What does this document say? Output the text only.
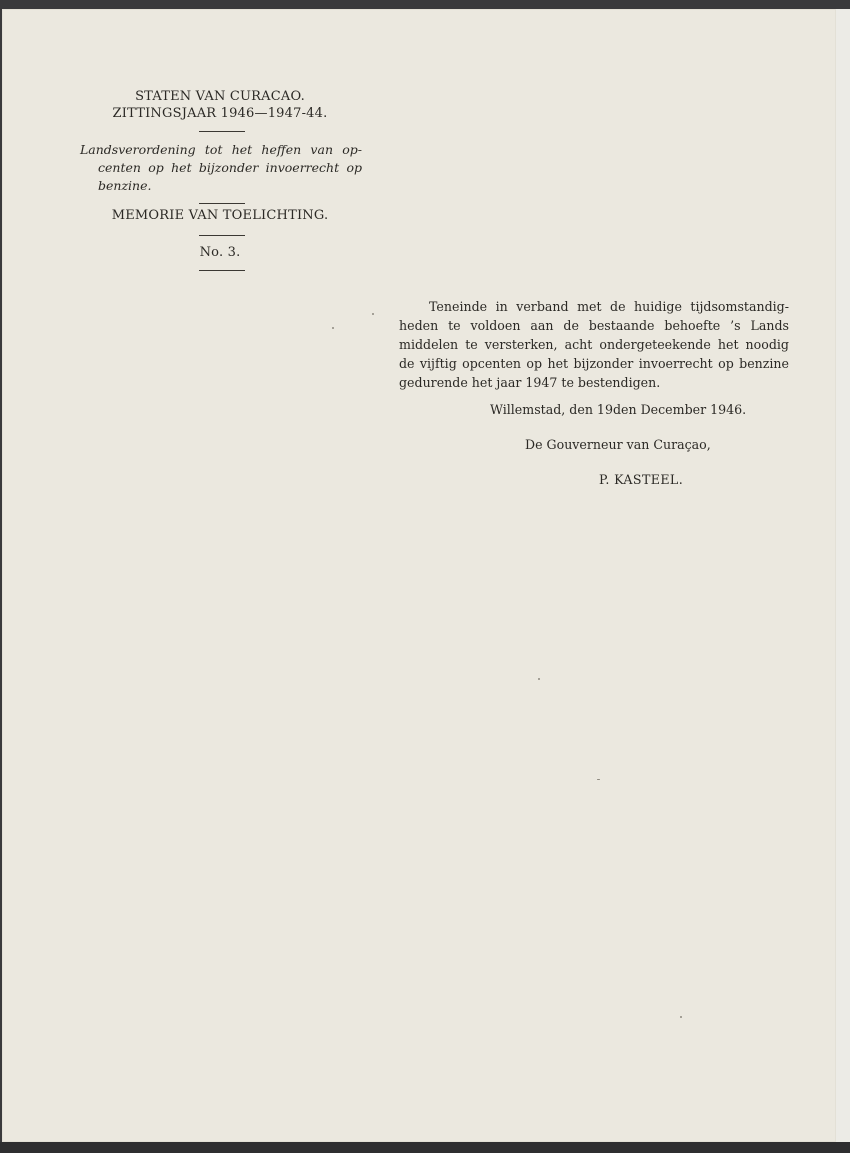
STATEN VAN CURACAO.

ZITTINGSJAAR 1946—1947-44.

Landsverordening tot het heffen van op-
centen op het bijzonder invoerrecht op
benzine.

MEMORIE VAN TOELICHTING.

No. 3.

Teneinde in verband met de huidige tijdsomstandig-
heden te voldoen aan de bestaande behoefte ’s Lands
middelen te versterken, acht ondergeteekende het noodig
de vijftig opcenten op het bijzonder invoerrecht op benzine
gedurende het jaar 1947 te bestendigen.

Willemstad, den 19den December 1946.

De Gouverneur van Curaçao,

P. KASTEEL.
